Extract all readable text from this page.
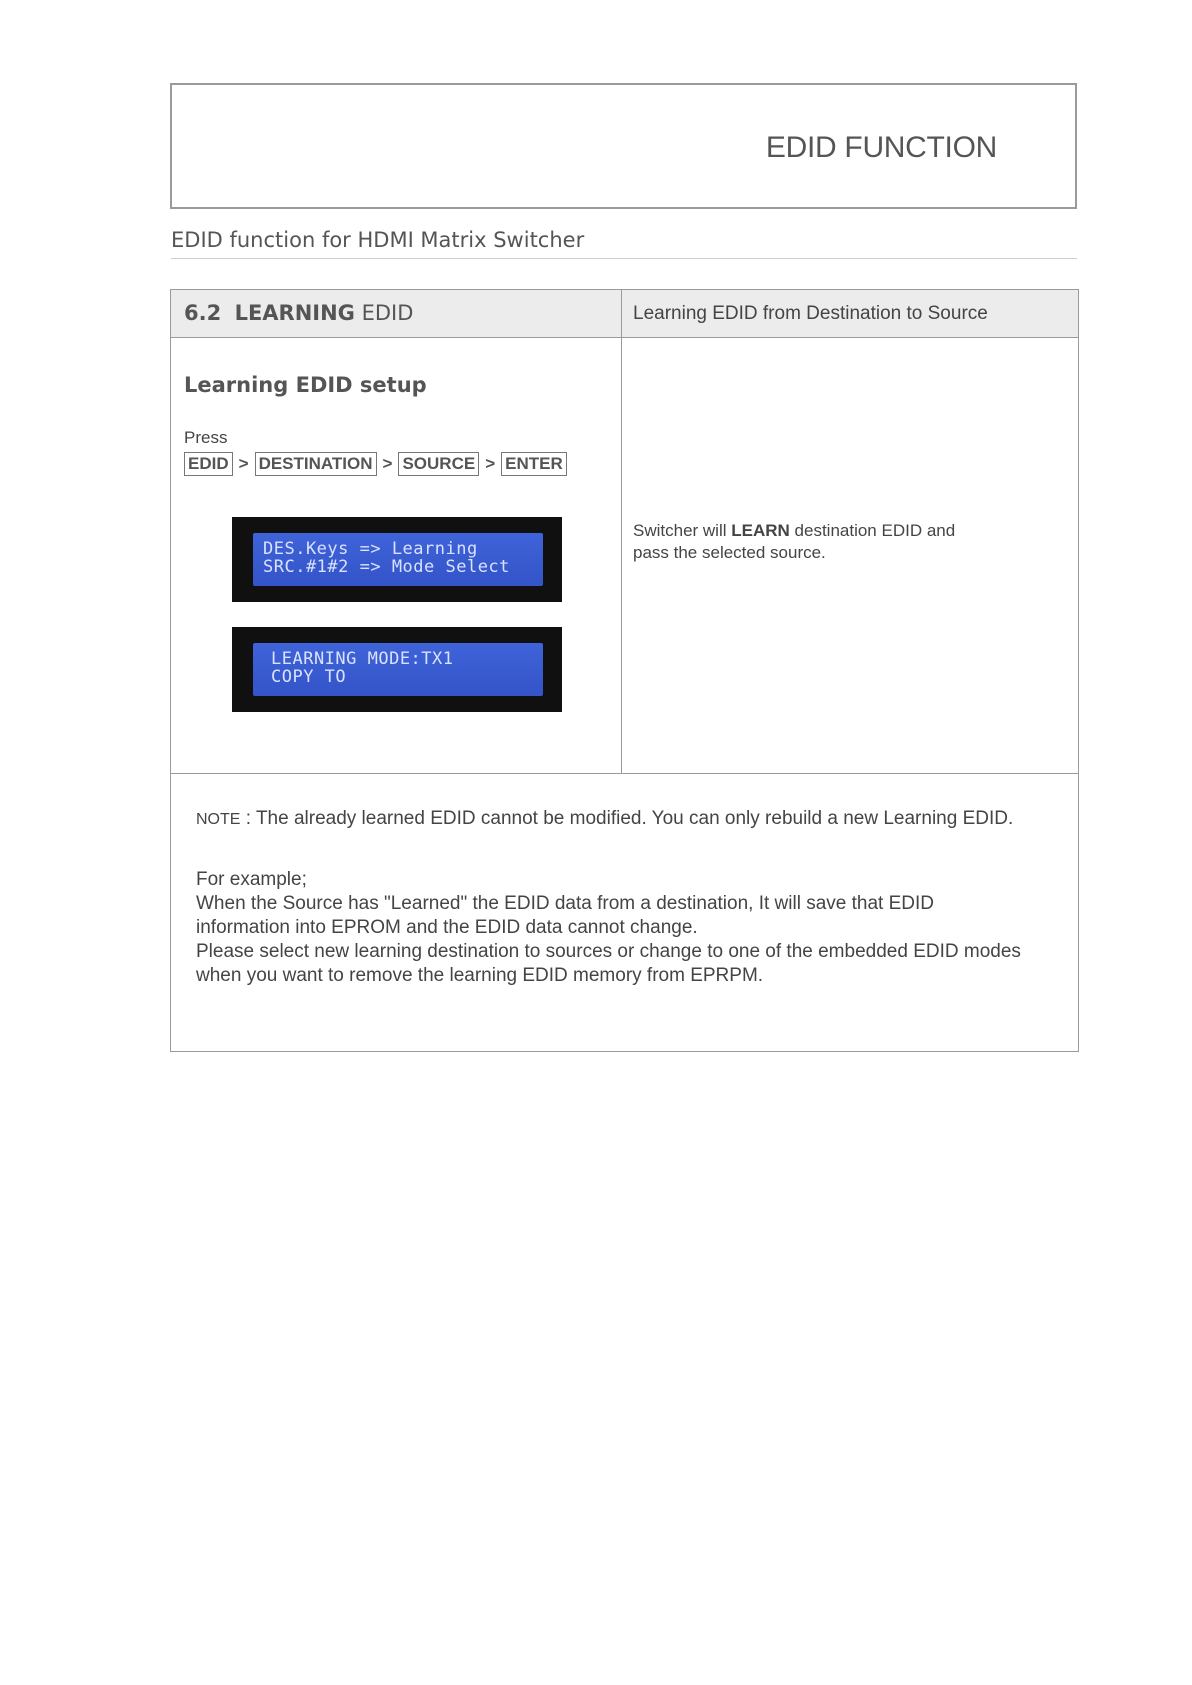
EDID FUNCTION
EDID function for HDMI Matrix Switcher
6.2 LEARNING EDID	Learning EDID from Destination to Source
Learning EDID setup
Press
EDID > DESTINATION > SOURCE > ENTER
DES.Keys => Learning
SRC.#1#2 => Mode Select
LEARNING MODE:TX1
COPY TO
Switcher will LEARN destination EDID and
pass the selected source.
NOTE : The already learned EDID cannot be modified. You can only rebuild a new Learning EDID.
For example;
When the Source has "Learned" the EDID data from a destination, It will save that EDID
information into EPROM and the EDID data cannot change.
Please select new learning destination to sources or change to one of the embedded EDID modes
when you want to remove the learning EDID memory from EPRPM.
